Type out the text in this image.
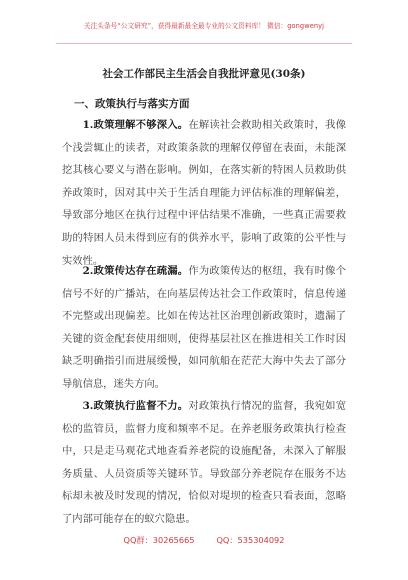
关注头条号“公文研究”，获得最新最全最专业的公文资料库！ 微信：gongwenyj
社会工作部民主生活会自我批评意见(30条)
一、政策执行与落实方面

1.政策理解不够深入。在解读社会救助相关政策时，我像个浅尝辄止的读者，对政策条款的理解仅停留在表面，未能深挖其核心要义与潜在影响。例如，在落实新的特困人员救助供养政策时，因对其中关于生活自理能力评估标准的理解偏差，导致部分地区在执行过程中评估结果不准确，一些真正需要救助的特困人员未得到应有的供养水平，影响了政策的公平性与实效性。

2.政策传达存在疏漏。作为政策传达的枢纽，我有时像个信号不好的广播站，在向基层传达社会工作政策时，信息传递不完整或出现偏差。比如在传达社区治理创新政策时，遗漏了关键的资金配套使用细则，使得基层社区在推进相关工作时因缺乏明确指引而进展缓慢，如同航船在茫茫大海中失去了部分导航信息，迷失方向。

3.政策执行监督不力。对政策执行情况的监督，我宛如宽松的监管员，监督力度和频率不足。在养老服务政策执行检查中，只是走马观花式地查看养老院的设施配备，未深入了解服务质量、人员资质等关键环节。导致部分养老院存在服务不达标却未被及时发现的情况，恰似对堤坝的检查只看表面，忽略了内部可能存在的蚁穴隐患。

QQ群：30265665	QQ：535304092
